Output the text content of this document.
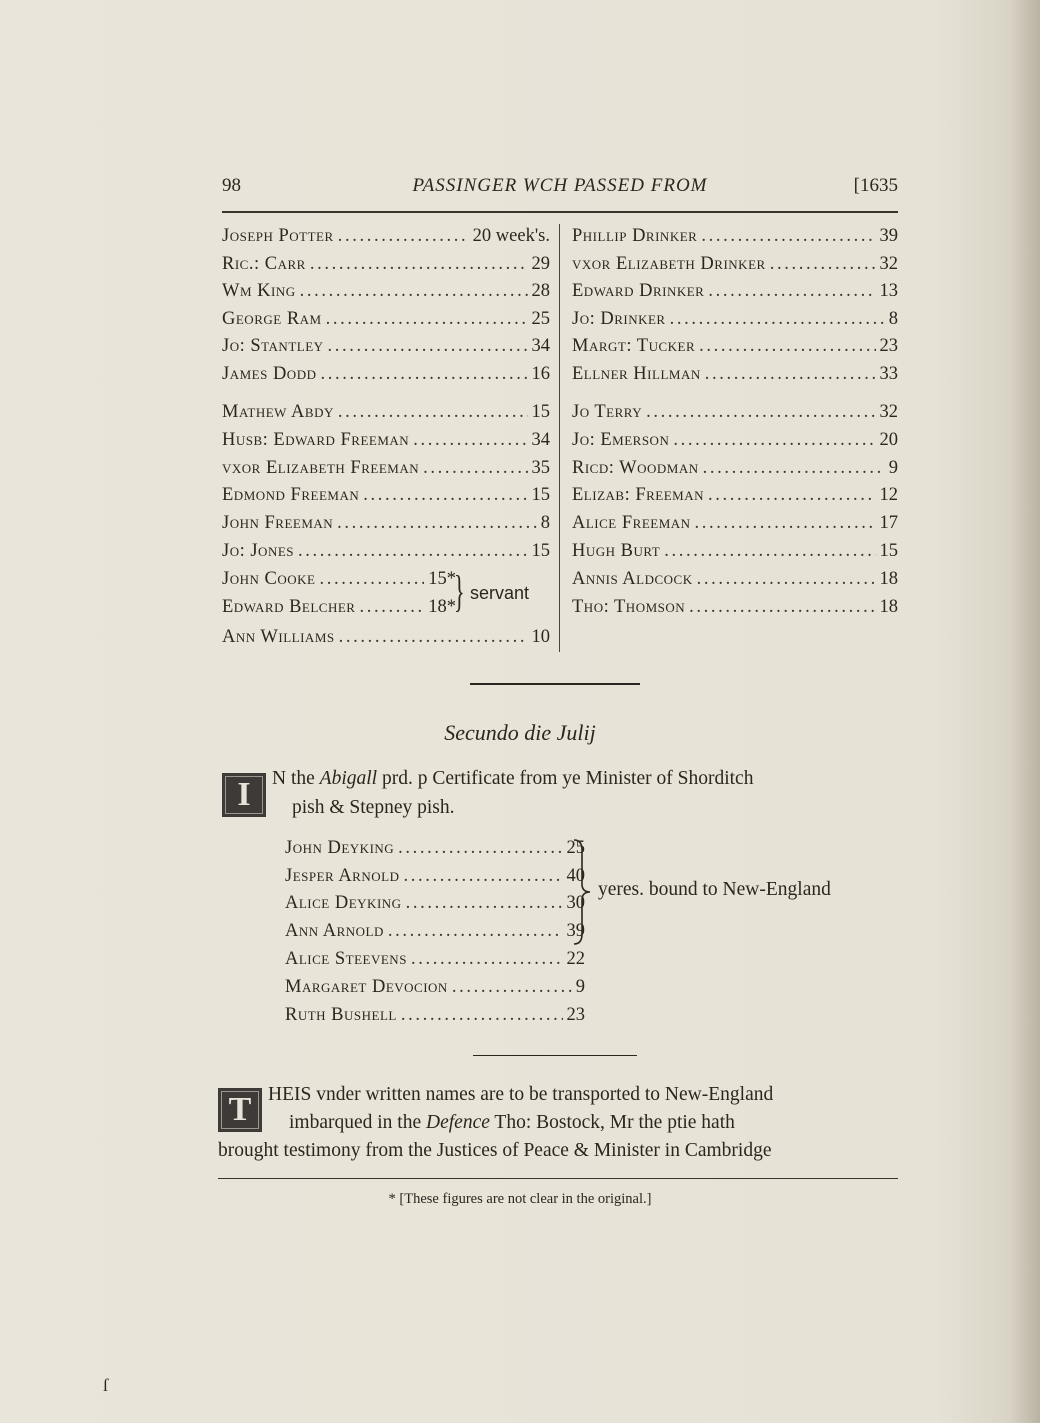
98	PASSINGER WCH PASSED FROM	[1635
Joseph Potter . . .	20 week's.
Ric.: Carr . . .	29
Wm King . . .	28
George Ram . . .	25
Jo: Stantley . . .	34
James Dodd . . .	16
Mathew Abdy . . .	15
Husb: Edward Freeman . . .	34
vxor Elizabeth Freeman . . .	35
Edmond Freeman . . .	15
John Freeman . . .	8
Jo: Jones . . .	15
John Cooke . . .	15*
Edward Belcher . . .	18*
Ann Williams . . .	10
Phillip Drinker . . .	39
vxor Elizabeth Drinker . . .	32
Edward Drinker . . .	13
Jo: Drinker . . .	8
Margt: Tucker . . .	23
Ellner Hillman . . .	33
Jo Terry . . .	32
Jo: Emerson . . .	20
Ricd: Woodman . . .	9
Elizab: Freeman . . .	12
Alice Freeman . . .	17
Hugh Burt . . .	15
Annis Aldcock . . .	18
Tho: Thomson . . .	18
} servant
Secundo die Julij
I	N the Abigall prd. p Certificate from ye Minister of Shorditch
pish & Stepney pish.
John Deyking . . .	25
Jesper Arnold . . .	40
Alice Deyking . . .	30
Ann Arnold . . .	39
Alice Steevens . . .	22
Margaret Devocion . . .	9
Ruth Bushell . . .	23
yeres. bound to New-England
T HEIS vnder written names are to be transported to New-England
imbarqued in the Defence Tho: Bostock, Mr the ptie hath
brought testimony from the Justices of Peace & Minister in Cambridge
* [These figures are not clear in the original.]
ſ
